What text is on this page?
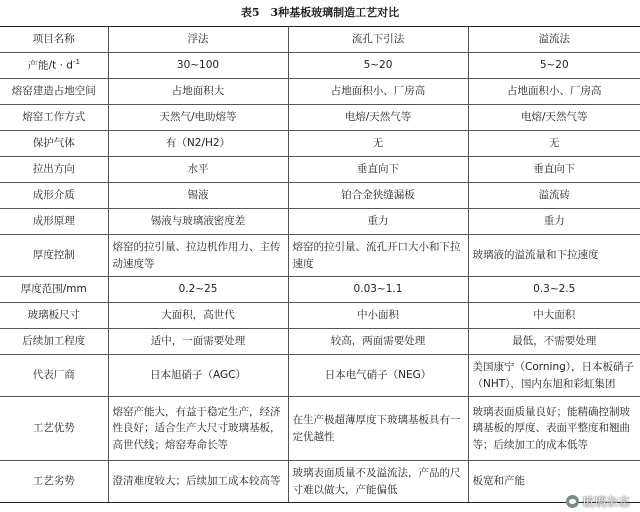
表5　3种基板玻璃制造工艺对比
项目名称	浮法	流孔下引法	溢流法
产能$/t \cdot d^{-1}$	30~100	5~20	5~20
熔窑建造占地空间	占地面积大	占地面积小、厂房高	占地面积小、厂房高
熔窑工作方式	天然气/电助熔等	电熔/天然气等	电熔/天然气等
保护气体	有（N2/H2）	无	无
拉出方向	水平	垂直向下	垂直向下
成形介质	锡液	铂合金狭缝漏板	溢流砖
成形原理	锡液与玻璃液密度差	重力	重力
厚度控制	熔窑的拉引量、拉边机作用力、主传动速度等	熔窑的拉引量、流孔开口大小和下拉速度	玻璃液的溢流量和下拉速度
厚度范围/mm	0.2~25	0.03~1.1	0.3~2.5
玻璃板尺寸	大面积，高世代	中小面积	中大面积
后续加工程度	适中，一面需要处理	较高，两面需要处理	最低，不需要处理
代表厂商	日本旭硝子（AGC）	日本电气硝子（NEG）	美国康宁（Corning），日本板硝子（NHT），国内东旭和彩虹集团
工艺优势	熔窑产能大，有益于稳定生产，经济性良好；适合生产大尺寸玻璃基板，高世代线；熔窑寿命长等	在生产极超薄厚度下玻璃基板具有一定优越性	玻璃表面质量良好；能精确控制玻璃基板的厚度、表面平整度和翘曲等；后续加工的成本低等
工艺劣势	澄清难度较大；后续加工成本较高等	玻璃表面质量不及溢流法，产品的尺寸难以做大，产能偏低	板宽和产能
玻璃杂志
